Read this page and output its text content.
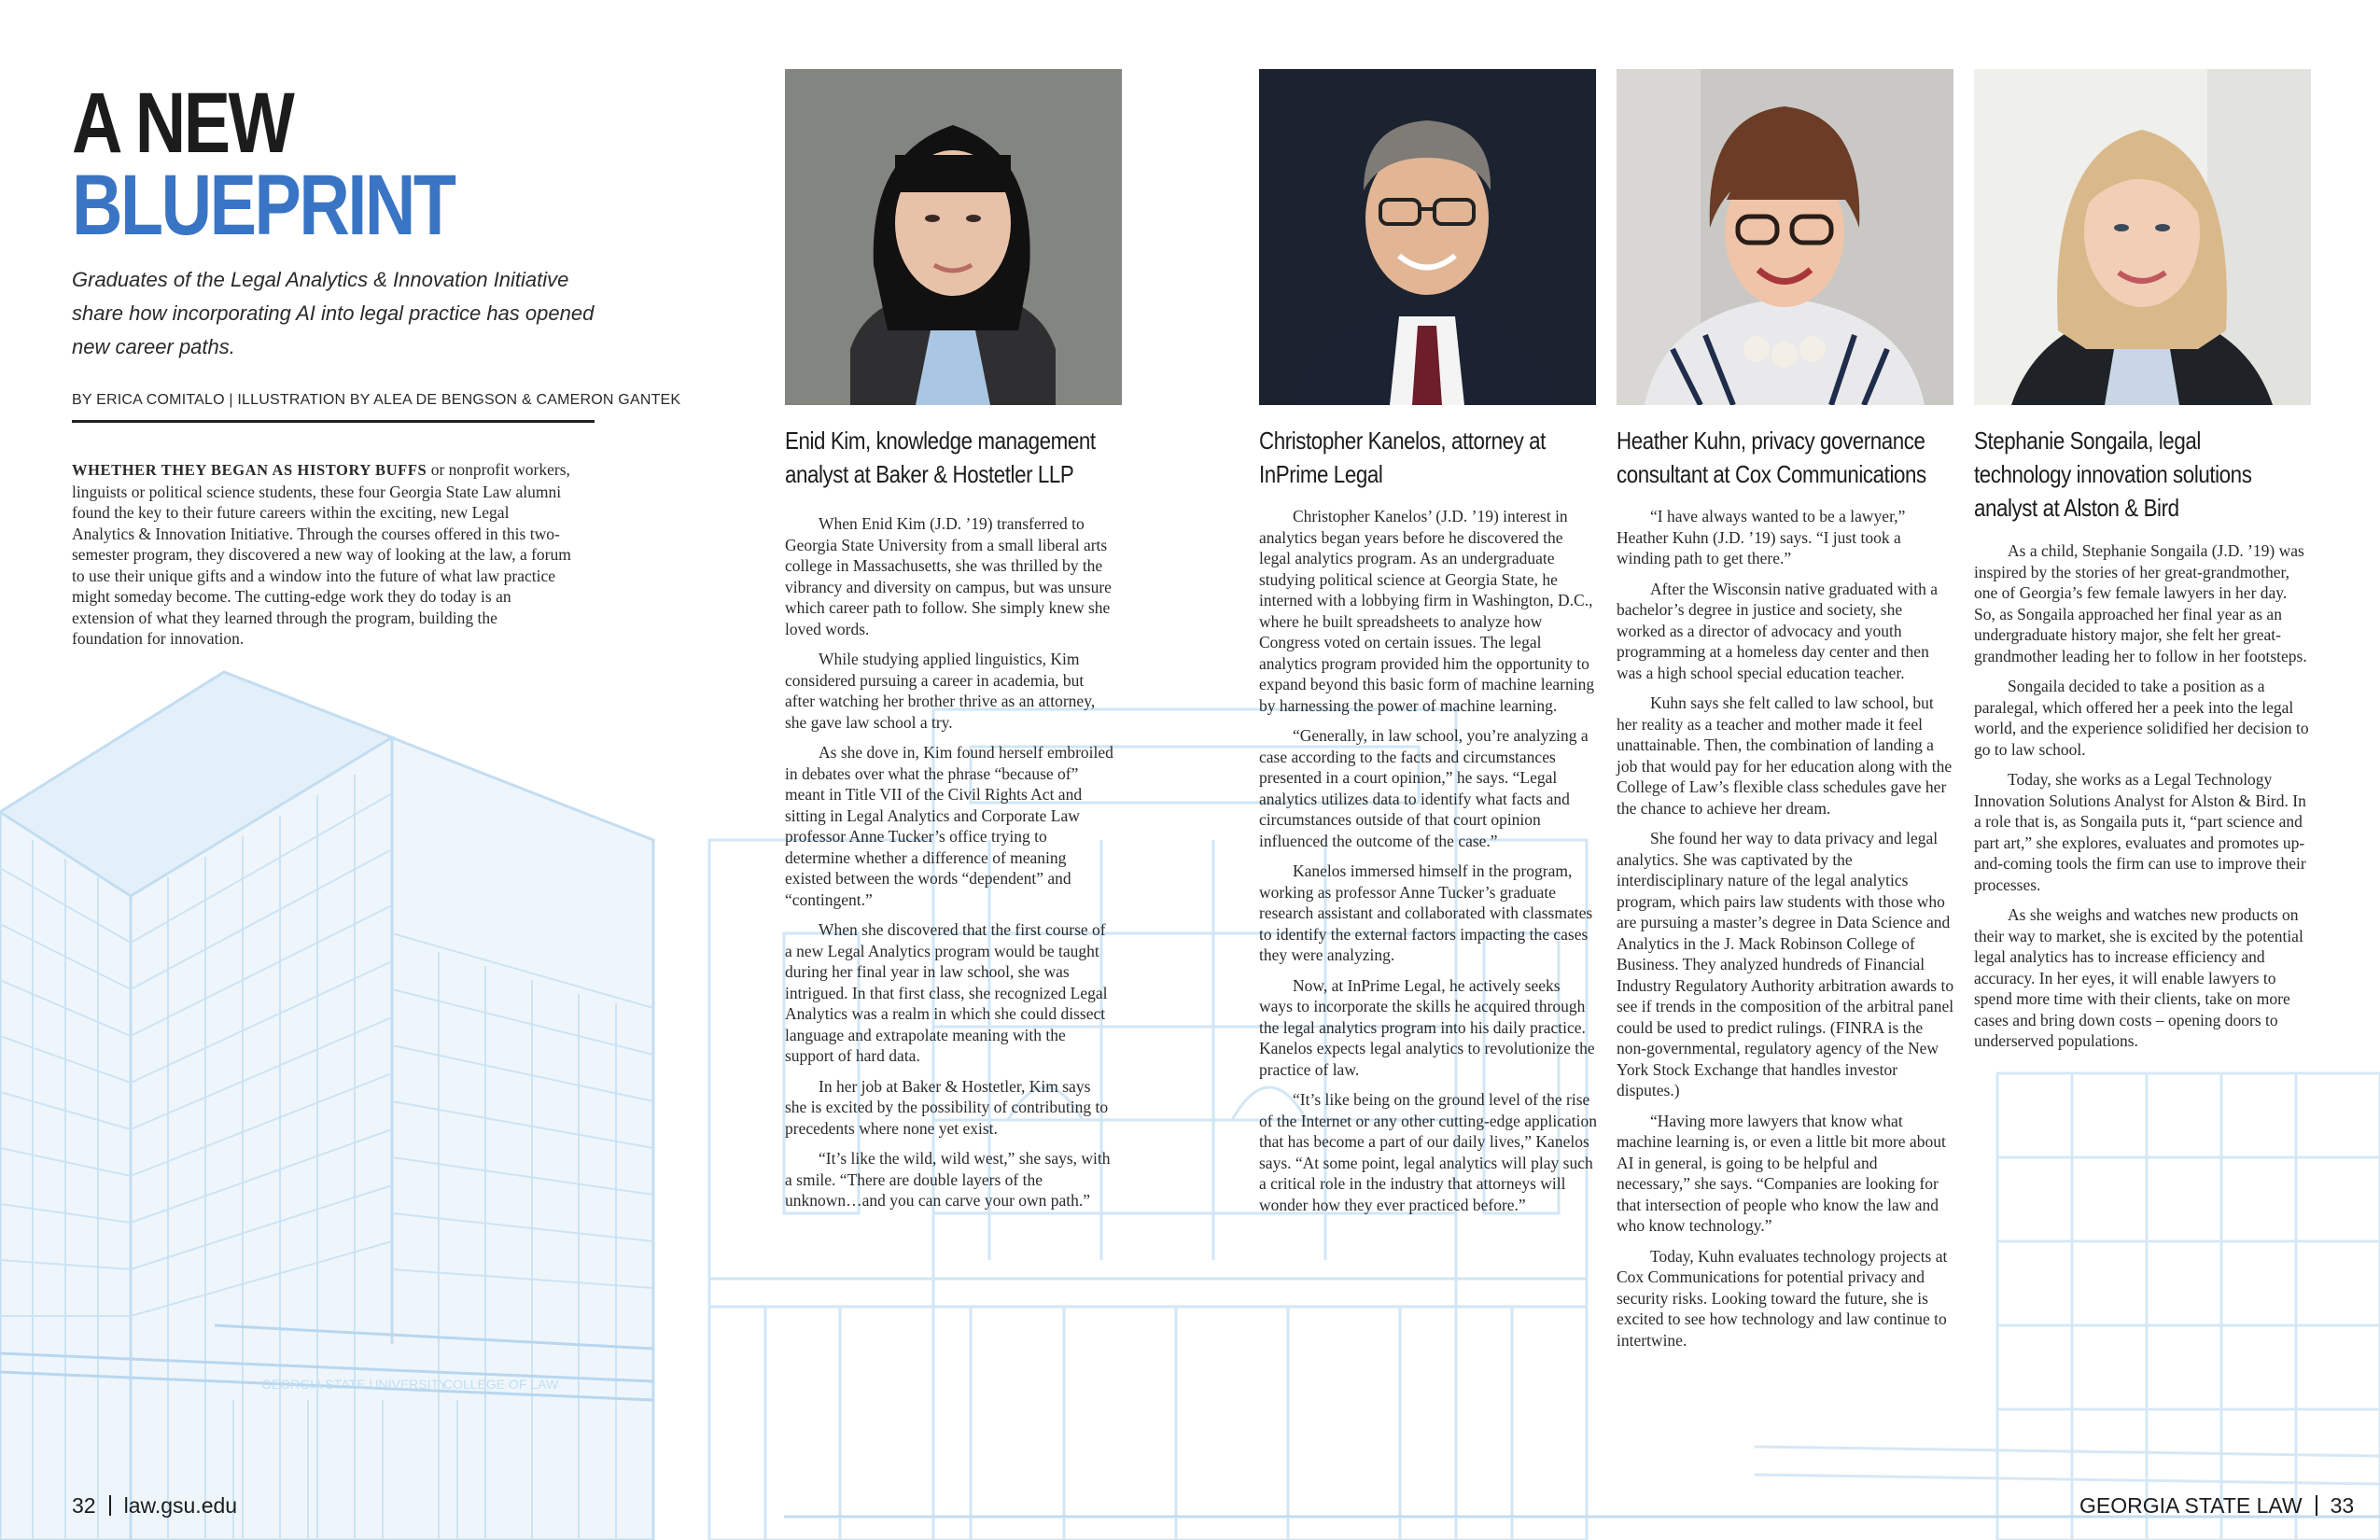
GEORGIA STATE UNIVERSITY
COLLEGE OF LAW
A NEW
BLUEPRINT
Graduates of the Legal Analytics & Innovation Initiative share how incorporating AI into legal practice has opened new career paths.
BY ERICA COMITALO | ILLUSTRATION BY ALEA DE BENGSON & CAMERON GANTEK
WHETHER THEY BEGAN AS HISTORY BUFFS or nonprofit workers, linguists or political science students, these four Georgia State Law alumni found the key to their future careers within the exciting, new Legal Analytics & Innovation Initiative. Through the courses offered in this two-semester program, they discovered a new way of looking at the law, a forum to use their unique gifts and a window into the future of what law practice might someday become. The cutting-edge work they do today is an extension of what they learned through the program, building the foundation for innovation.
Enid Kim, knowledge management
analyst at Baker & Hostetler LLP
Christopher Kanelos, attorney at
InPrime Legal
Heather Kuhn, privacy governance
consultant at Cox Communications
Stephanie Songaila, legal
technology innovation solutions
analyst at Alston & Bird

When Enid Kim (J.D. ’19) transferred to Georgia State University from a small liberal arts college in Massachusetts, she was thrilled by the vibrancy and diversity on campus, but was unsure which career path to follow. She simply knew she loved words.

While studying applied linguistics, Kim considered pursuing a career in academia, but after watching her brother thrive as an attorney, she gave law school a try.

As she dove in, Kim found herself embroiled in debates over what the phrase “because of” meant in Title VII of the Civil Rights Act and sitting in Legal Analytics and Corporate Law professor Anne Tucker’s office trying to determine whether a difference of meaning existed between the words “dependent” and “contingent.”

When she discovered that the first course of a new Legal Analytics program would be taught during her final year in law school, she was intrigued. In that first class, she recognized Legal Analytics was a realm in which she could dissect language and extrapolate meaning with the support of hard data.

In her job at Baker & Hostetler, Kim says she is excited by the possibility of contributing to precedents where none yet exist.

“It’s like the wild, wild west,” she says, with a smile. “There are double layers of the unknown…and you can carve your own path.”

Christopher Kanelos’ (J.D. ’19) interest in analytics began years before he discovered the legal analytics program. As an undergraduate studying political science at Georgia State, he interned with a lobbying firm in Washington, D.C., where he built spreadsheets to analyze how Congress voted on certain issues. The legal analytics program provided him the opportunity to expand beyond this basic form of machine learning by harnessing the power of machine learning.

“Generally, in law school, you’re analyzing a case according to the facts and circumstances presented in a court opinion,” he says. “Legal analytics utilizes data to identify what facts and circumstances outside of that court opinion influenced the outcome of the case.”

Kanelos immersed himself in the program, working as professor Anne Tucker’s graduate research assistant and collaborated with classmates to identify the external factors impacting the cases they were analyzing.

Now, at InPrime Legal, he actively seeks ways to incorporate the skills he acquired through the legal analytics program into his daily practice. Kanelos expects legal analytics to revolutionize the practice of law.

“It’s like being on the ground level of the rise of the Internet or any other cutting-edge application that has become a part of our daily lives,” Kanelos says. “At some point, legal analytics will play such a critical role in the industry that attorneys will wonder how they ever practiced before.”

“I have always wanted to be a lawyer,” Heather Kuhn (J.D. ’19) says. “I just took a winding path to get there.”

After the Wisconsin native graduated with a bachelor’s degree in justice and society, she worked as a director of advocacy and youth programming at a homeless day center and then was a high school special education teacher.

Kuhn says she felt called to law school, but her reality as a teacher and mother made it feel unattainable. Then, the combination of landing a job that would pay for her education along with the College of Law’s flexible class schedules gave her the chance to achieve her dream.

She found her way to data privacy and legal analytics. She was captivated by the interdisciplinary nature of the legal analytics program, which pairs law students with those who are pursuing a master’s degree in Data Science and Analytics in the J. Mack Robinson College of Business. They analyzed hundreds of Financial Industry Regulatory Authority arbitration awards to see if trends in the composition of the arbitral panel could be used to predict rulings. (FINRA is the non-governmental, regulatory agency of the New York Stock Exchange that handles investor disputes.)

“Having more lawyers that know what machine learning is, or even a little bit more about AI in general, is going to be helpful and necessary,” she says. “Companies are looking for that intersection of people who know the law and who know technology.”

Today, Kuhn evaluates technology projects at Cox Communications for potential privacy and security risks. Looking toward the future, she is excited to see how technology and law continue to intertwine.

As a child, Stephanie Songaila (J.D. ’19) was inspired by the stories of her great-grandmother, one of Georgia’s few female lawyers in her day. So, as Songaila approached her final year as an undergraduate history major, she felt her great-grandmother leading her to follow in her footsteps.

Songaila decided to take a position as a paralegal, which offered her a peek into the legal world, and the experience solidified her decision to go to law school.

Today, she works as a Legal Technology Innovation Solutions Analyst for Alston & Bird. In a role that is, as Songaila puts it, “part science and part art,” she explores, evaluates and promotes up-and-coming tools the firm can use to improve their processes.

As she weighs and watches new products on their way to market, she is excited by the potential legal analytics has to increase efficiency and accuracy. In her eyes, it will enable lawyers to spend more time with their clients, take on more cases and bring down costs – opening doors to underserved populations.

32 law.gsu.edu	GEORGIA STATE LAW 33
